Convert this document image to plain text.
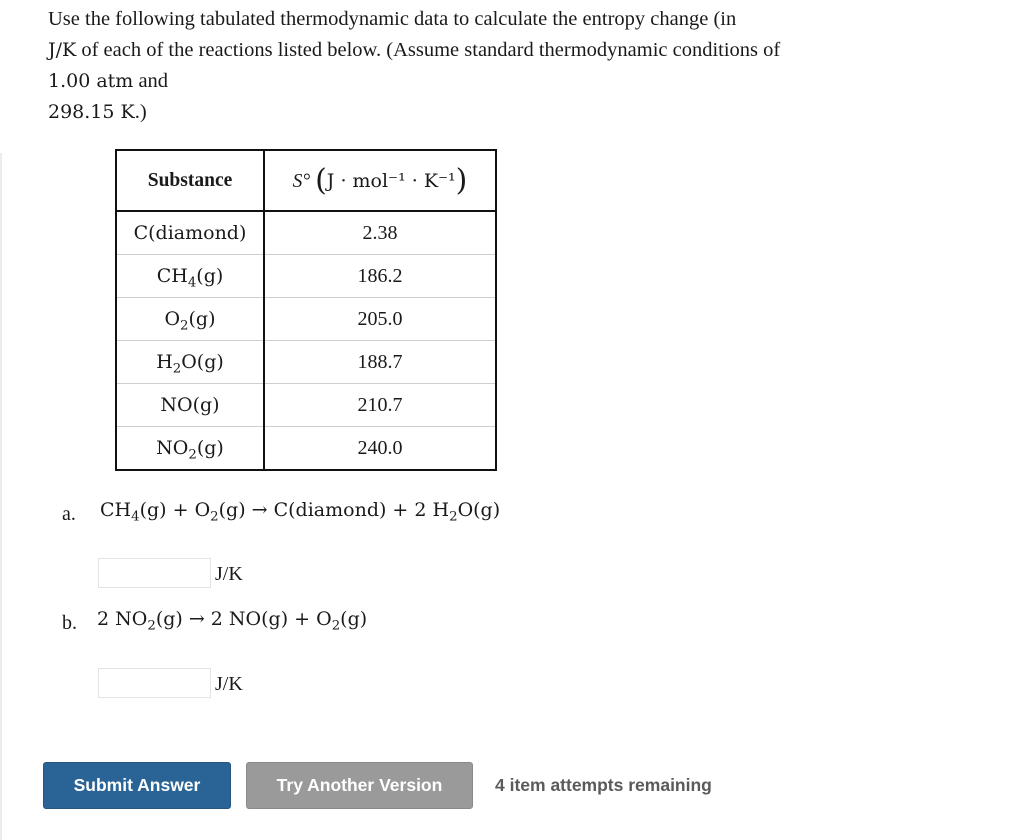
Use the following tabulated thermodynamic data to calculate the entropy change (in
J/K of each of the reactions listed below. (Assume standard thermodynamic conditions of
1.00 atm and
298.15 K.)
Substance	S° (J · mol⁻¹ · K⁻¹)
C(diamond)	2.38
$CH_4(g)$	186.2
$O_2(g)$	205.0
$H_2O(g)$	188.7
NO(g)	210.7
$NO_2(g)$	240.0
a. $CH_4(g) + O_2(g)$ → C(diamond) + 2 $H_2O(g)$
J/K
b. 2 $NO_2(g) \to 2$ $NO(g) + O_2(g)$
J/K
Submit Answer	Try Another Version	4 item attempts remaining
